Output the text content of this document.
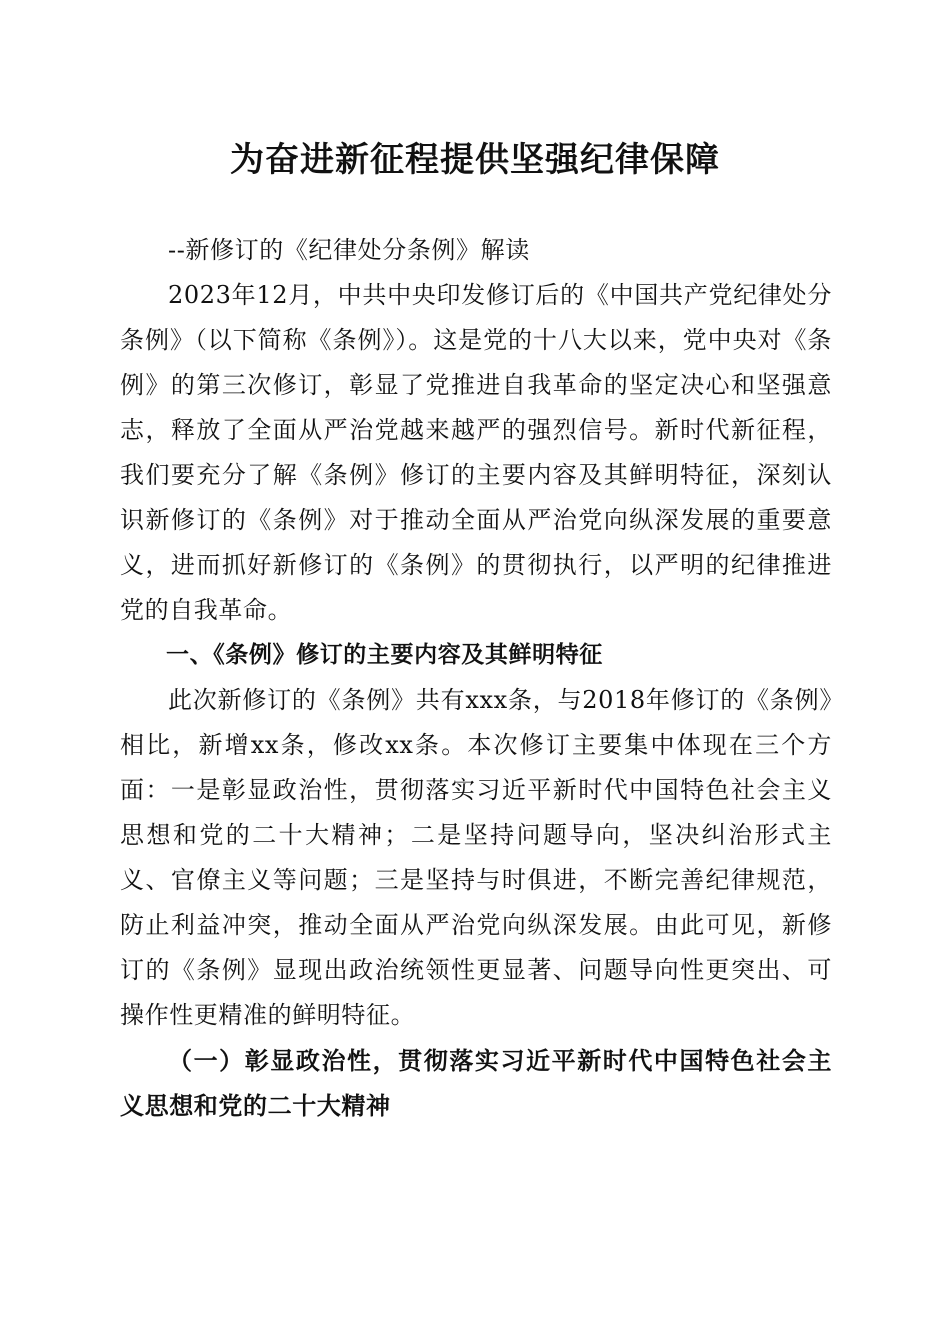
为奋进新征程提供坚强纪律保障

--新修订的《纪律处分条例》解读

2023年12月，中共中央印发修订后的《中国共产党纪律处分条例》（以下简称《条例》）。这是党的十八大以来，党中央对《条例》的第三次修订，彰显了党推进自我革命的坚定决心和坚强意志，释放了全面从严治党越来越严的强烈信号。新时代新征程，我们要充分了解《条例》修订的主要内容及其鲜明特征，深刻认识新修订的《条例》对于推动全面从严治党向纵深发展的重要意义，进而抓好新修订的《条例》的贯彻执行，以严明的纪律推进党的自我革命。

一、《条例》修订的主要内容及其鲜明特征

此次新修订的《条例》共有xxx条，与2018年修订的《条例》相比，新增xx条，修改xx条。本次修订主要集中体现在三个方面：一是彰显政治性，贯彻落实习近平新时代中国特色社会主义思想和党的二十大精神；二是坚持问题导向，坚决纠治形式主义、官僚主义等问题；三是坚持与时俱进，不断完善纪律规范，防止利益冲突，推动全面从严治党向纵深发展。由此可见，新修订的《条例》显现出政治统领性更显著、问题导向性更突出、可操作性更精准的鲜明特征。

（一）彰显政治性，贯彻落实习近平新时代中国特色社会主义思想和党的二十大精神
